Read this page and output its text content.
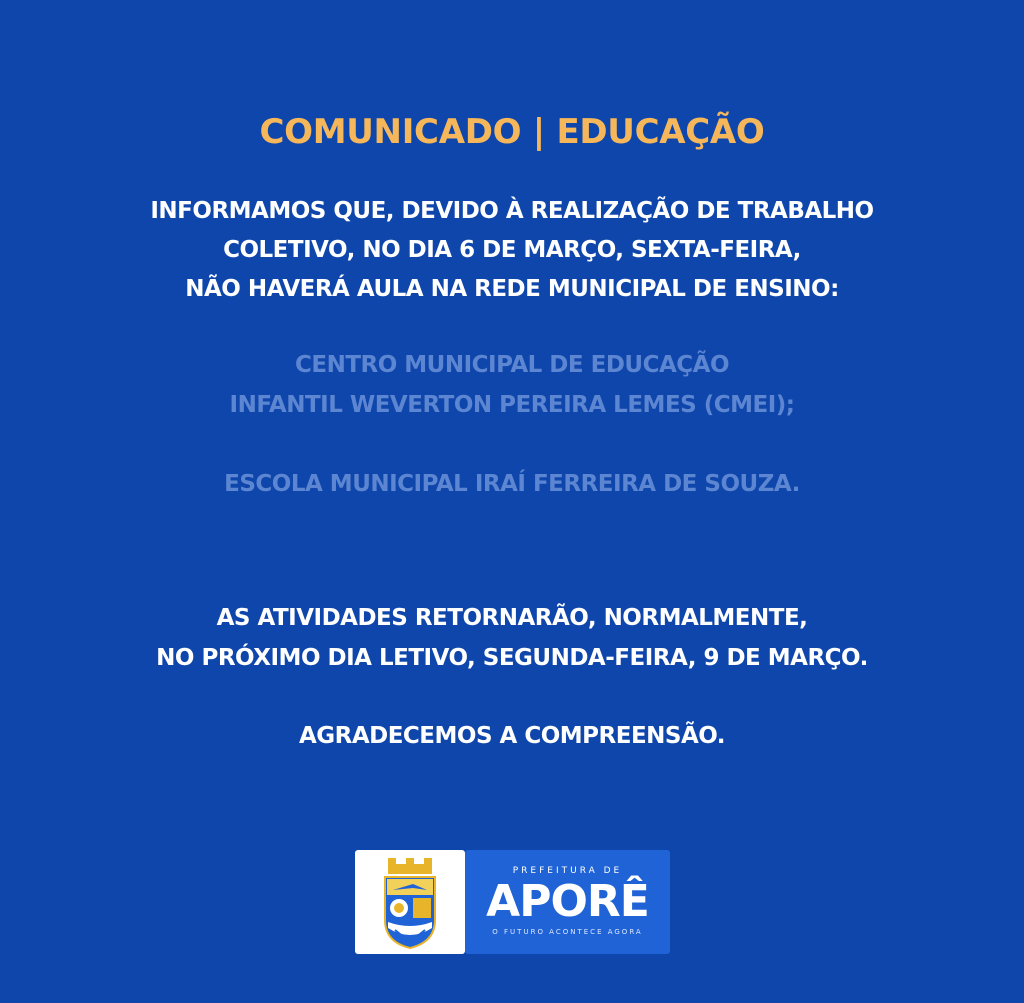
COMUNICADO | EDUCAÇÃO
INFORMAMOS QUE, DEVIDO À REALIZAÇÃO DE TRABALHO
COLETIVO, NO DIA 6 DE MARÇO, SEXTA-FEIRA,
NÃO HAVERÁ AULA NA REDE MUNICIPAL DE ENSINO:
CENTRO MUNICIPAL DE EDUCAÇÃO
INFANTIL WEVERTON PEREIRA LEMES (CMEI);
ESCOLA MUNICIPAL IRAÍ FERREIRA DE SOUZA.
AS ATIVIDADES RETORNARÃO, NORMALMENTE,
NO PRÓXIMO DIA LETIVO, SEGUNDA-FEIRA, 9 DE MARÇO.
AGRADECEMOS A COMPREENSÃO.
PREFEITURA DE
APORÊ
O FUTURO ACONTECE AGORA
